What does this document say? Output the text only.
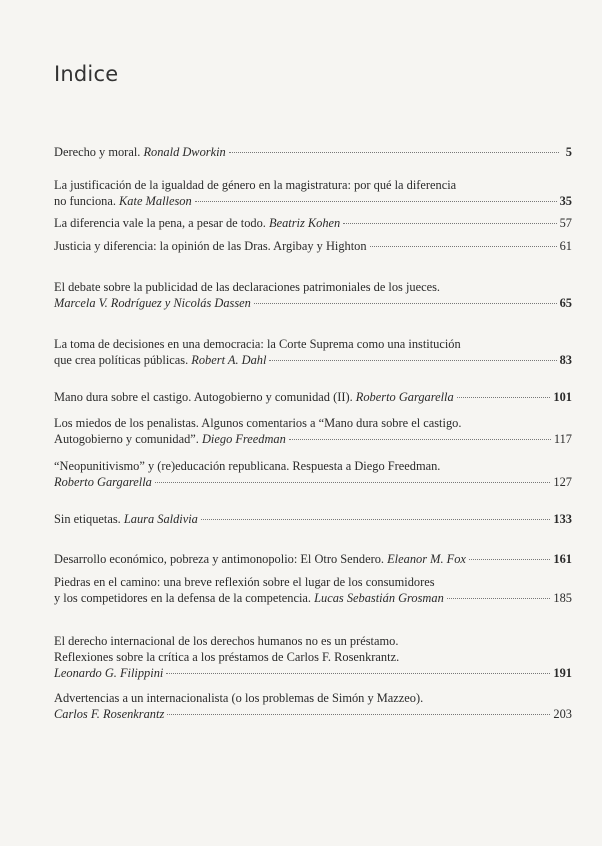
Indice
Derecho y moral.
Ronald Dworkin	5
La justificación de la igualdad de género en la magistratura: por qué la diferencia
no funciona.
Kate Malleson	35
La diferencia vale la pena, a pesar de todo.
Beatriz Kohen	57
Justicia y diferencia: la opinión de las Dras. Argibay y Highton	61
El debate sobre la publicidad de las declaraciones patrimoniales de los jueces.
Marcela V. Rodríguez y Nicolás Dassen	65
La toma de decisiones en una democracia: la Corte Suprema como una institución
que crea políticas públicas.
Robert A. Dahl	83
Mano dura sobre el castigo. Autogobierno y comunidad (II).
Roberto Gargarella	101
Los miedos de los penalistas. Algunos comentarios a “Mano dura sobre el castigo.
Autogobierno y comunidad”.
Diego Freedman	117
“Neopunitivismo” y (re)educación republicana. Respuesta a Diego Freedman.
Roberto Gargarella	127
Sin etiquetas.
Laura Saldivia	133
Desarrollo económico, pobreza y antimonopolio: El Otro Sendero.
Eleanor M. Fox	161
Piedras en el camino: una breve reflexión sobre el lugar de los consumidores
y los competidores en la defensa de la competencia.
Lucas Sebastián Grosman	185
El derecho internacional de los derechos humanos no es un préstamo.
Reflexiones sobre la crítica a los préstamos de Carlos F. Rosenkrantz.
Leonardo G. Filippini	191
Advertencias a un internacionalista (o los problemas de Simón y Mazzeo).
Carlos F. Rosenkrantz	203
